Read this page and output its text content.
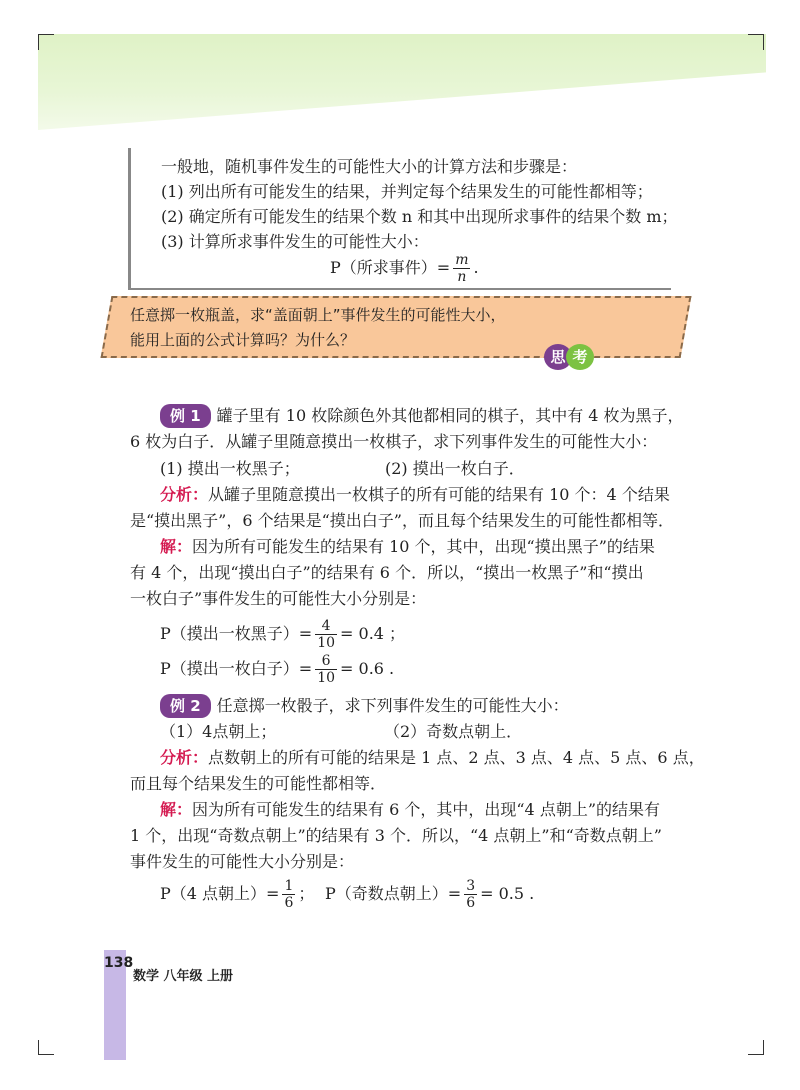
一般地，随机事件发生的可能性大小的计算方法和步骤是：
(1) 列出所有可能发生的结果，并判定每个结果发生的可能性都相等；
(2) 确定所有可能发生的结果个数 n 和其中出现所求事件的结果个数 m；
(3) 计算所求事件发生的可能性大小：
P（所求事件）= $\frac{m}{n}$ .
任意掷一枚瓶盖，求“盖面朝上”事件发生的可能性大小，
能用上面的公式计算吗？为什么？
思 考
例 1 罐子里有 10 枚除颜色外其他都相同的棋子，其中有 4 枚为黑子，
6 枚为白子．从罐子里随意摸出一枚棋子，求下列事件发生的可能性大小：
(1) 摸出一枚黑子；	(2) 摸出一枚白子．
分析：从罐子里随意摸出一枚棋子的所有可能的结果有 10 个：4 个结果
是“摸出黑子”，6 个结果是“摸出白子”，而且每个结果发生的可能性都相等．
解：因为所有可能发生的结果有 10 个，其中，出现“摸出黑子”的结果
有 4 个，出现“摸出白子”的结果有 6 个．所以，“摸出一枚黑子”和“摸出
一枚白子”事件发生的可能性大小分别是：
P（摸出一枚黑子）= $\frac{4}{10} = 0.4$ ；
P（摸出一枚白子）= $\frac{6}{10} = 0.6$ .
例 2 任意掷一枚骰子，求下列事件发生的可能性大小：
（1）4点朝上；	（2）奇数点朝上．
分析：点数朝上的所有可能的结果是 1 点、2 点、3 点、4 点、5 点、6 点，
而且每个结果发生的可能性都相等．
解：因为所有可能发生的结果有 6 个，其中，出现“4 点朝上”的结果有
1 个，出现“奇数点朝上”的结果有 3 个．所以，“4 点朝上”和“奇数点朝上”
事件发生的可能性大小分别是：
P（4 点朝上）= $\frac{1}{6}$ ； P（奇数点朝上）= $\frac{3}{6} = 0.5$ .
138
数学 八年级 上册
